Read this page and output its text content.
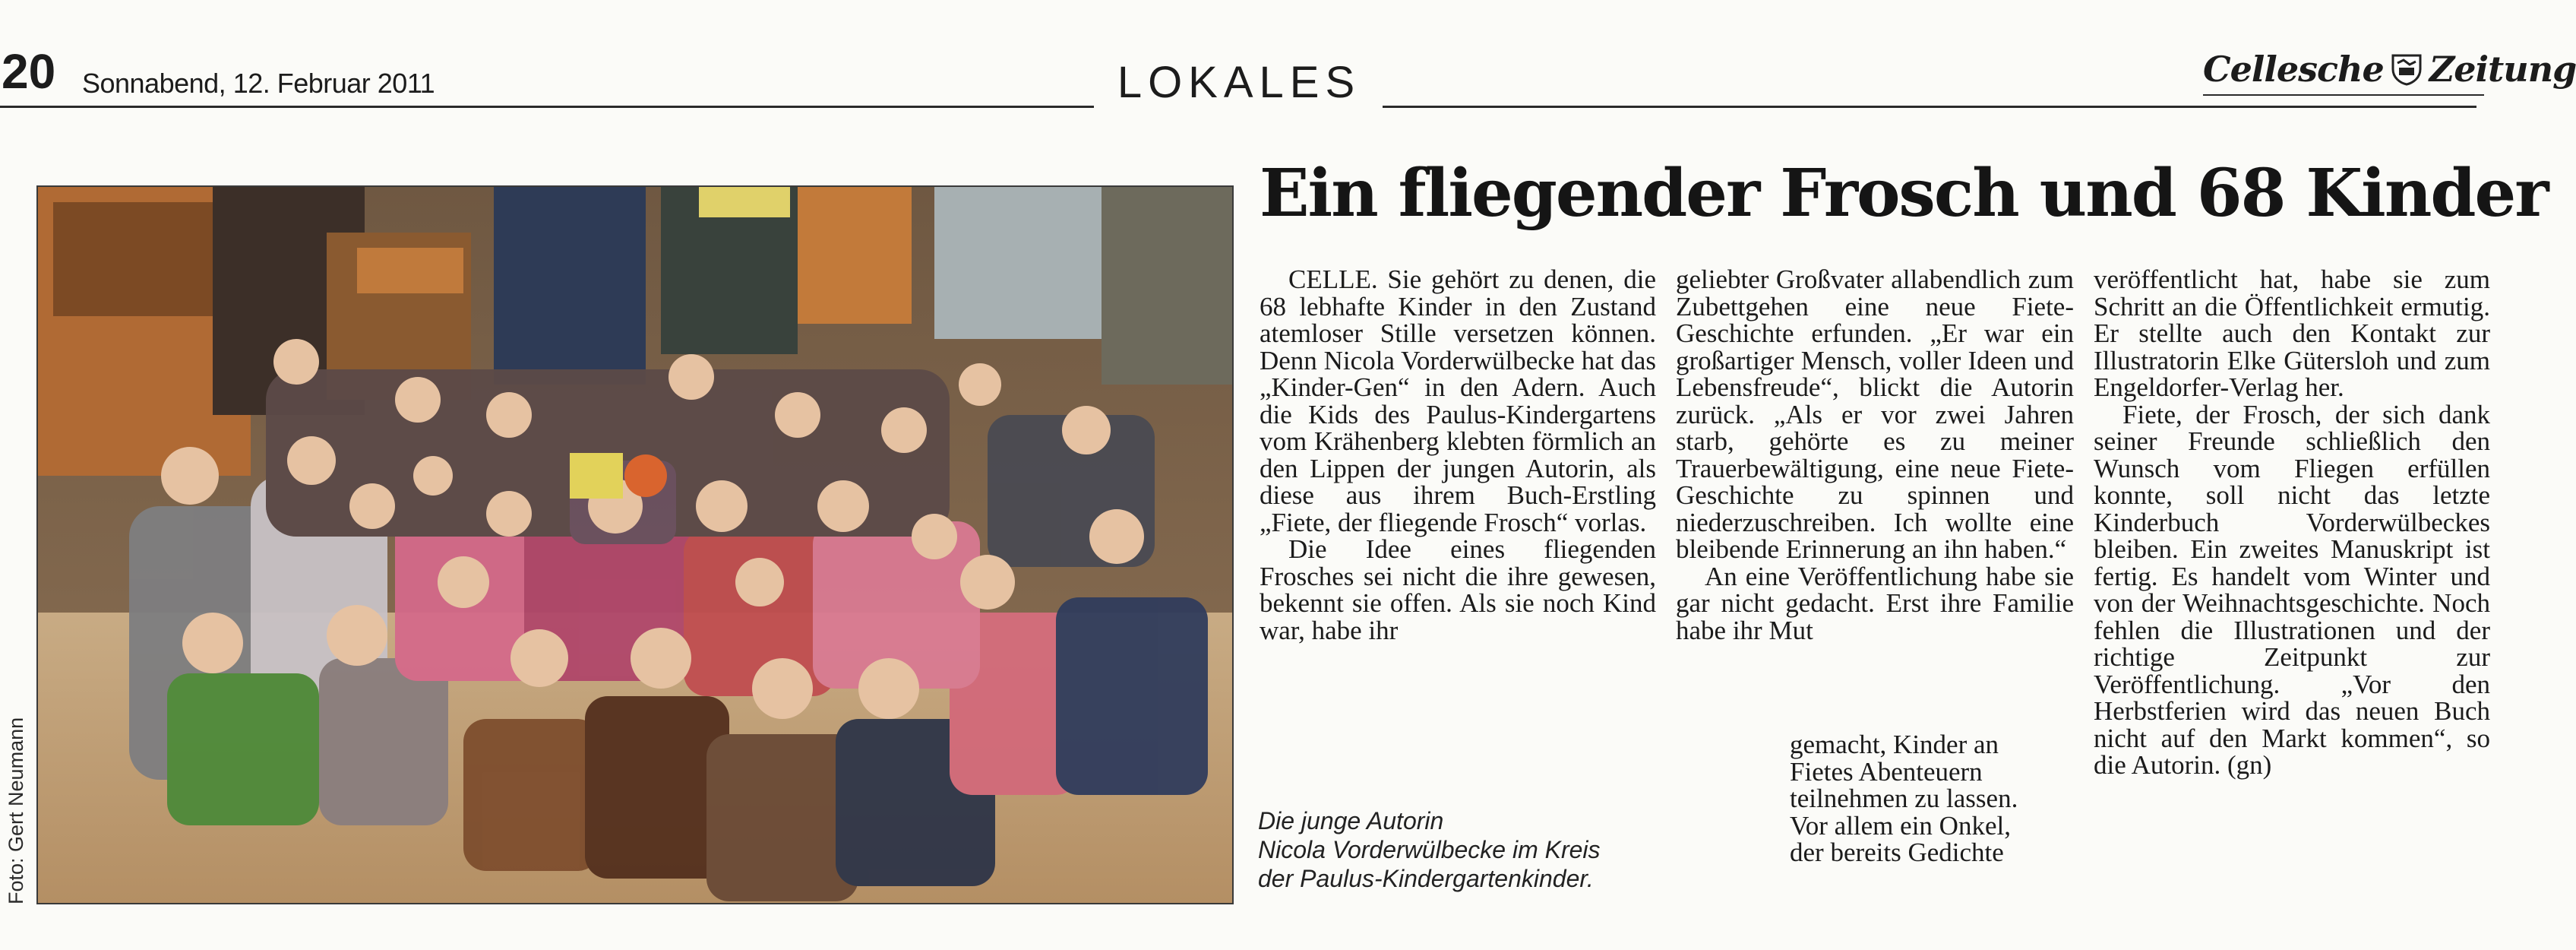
20 Sonnabend, 12. Februar 2011	LOKALES	Cellesche Zeitung
Foto: Gert Neumann	Die junge Autorin
Nicola Vorderwülbecke im Kreis
der Paulus-Kindergartenkinder.
Ein fliegender Frosch und 68 Kinder

CELLE. Sie gehört zu denen, die 68 lebhafte Kinder in den Zustand atemloser Stille versetzen können. Denn Nicola Vorderwülbecke hat das „Kinder-Gen“ in den Adern. Auch die Kids des Paulus-Kindergartens vom Krähenberg klebten förmlich an den Lippen der jungen Autorin, als diese aus ihrem Buch-Erstling „Fiete, der fliegende Frosch“ vorlas.

Die Idee eines fliegenden Frosches sei nicht die ihre gewesen, bekennt sie offen. Als sie noch Kind war, habe ihr

geliebter Großvater allabendlich zum Zubettgehen eine neue Fiete-Geschichte erfunden. „Er war ein großartiger Mensch, voller Ideen und Lebensfreude“, blickt die Autorin zurück. „Als er vor zwei Jahren starb, gehörte es zu meiner Trauerbewältigung, eine neue Fiete-Geschichte zu spinnen und niederzuschreiben. Ich wollte eine bleibende Erinnerung an ihn haben.“

An eine Veröffentlichung habe sie gar nicht gedacht. Erst ihre Familie habe ihr Mut

gemacht, Kinder an

Fietes Abenteuern

teilnehmen zu lassen.

Vor allem ein Onkel,

der bereits Gedichte

veröffentlicht hat, habe sie zum Schritt an die Öffentlichkeit ermutig. Er stellte auch den Kontakt zur Illustratorin Elke Gütersloh und zum Engeldorfer-Verlag her.

Fiete, der Frosch, der sich dank seiner Freunde schließlich den Wunsch vom Fliegen erfüllen konnte, soll nicht das letzte Kinderbuch Vorderwülbeckes bleiben. Ein zweites Manuskript ist fertig. Es handelt vom Winter und von der Weihnachtsgeschichte. Noch fehlen die Illustrationen und der richtige Zeitpunkt zur Veröffentlichung. „Vor den Herbstferien wird das neuen Buch nicht auf den Markt kommen“, so die Autorin. (gn)
